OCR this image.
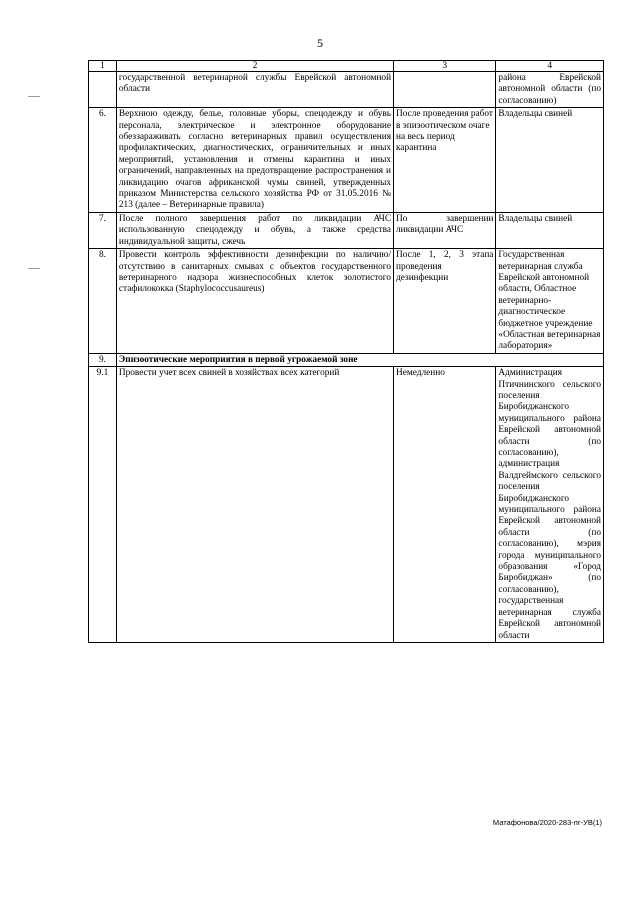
5
1	2	3	4
	государственной ветеринарной службы Еврейской автономной области		района Еврейской автономной области (по согласованию)
6.	Верхнюю одежду, белье, головные уборы, спецодежду и обувь персонала, электрическое и электронное оборудование обеззараживать согласно ветеринарных правил осуществления профилактических, диагностических, ограничительных и иных мероприятий, установления и отмены карантина и иных ограничений, направленных на предотвращение распространения и ликвидацию очагов африканской чумы свиней, утвержденных приказом Министерства сельского хозяйства РФ от 31.05.2016 № 213 (далее – Ветеринарные правила)	После проведения работ в эпизоотическом очаге на весь период карантина	Владельцы свиней
7.	После полного завершения работ по ликвидации АЧС использованную спецодежду и обувь, а также средства индивидуальной защиты, сжечь	По завершении ликвидации АЧС	Владельцы свиней
8.	Провести контроль эффективности дезинфекции по наличию/отсутствию в санитарных смывах с объектов государственного ветеринарного надзора жизнеспособных клеток золотистого стафилококка (Staphylococcusaureus)	После 1, 2, 3 этапа проведения дезинфекции	Государственная ветеринарная служба Еврейской автономной области, Областное ветеринарно-диагностическое бюджетное учреждение «Областная ветеринарная лаборатория»
9.	Эпизоотические мероприятия в первой угрожаемой зоне		
9.1	Провести учет всех свиней в хозяйствах всех категорий	Немедленно	Администрация Птичнинского сельского поселения Биробиджанского муниципального района Еврейской автономной области (по согласованию), администрация Валдгеймского сельского поселения Биробиджанского муниципального района Еврейской автономной области (по согласованию), мэрия города муниципального образования «Город Биробиджан» (по согласованию), государственная ветеринарная служба Еврейской автономной области
Матафонова/2020-283-пг-УВ(1)
